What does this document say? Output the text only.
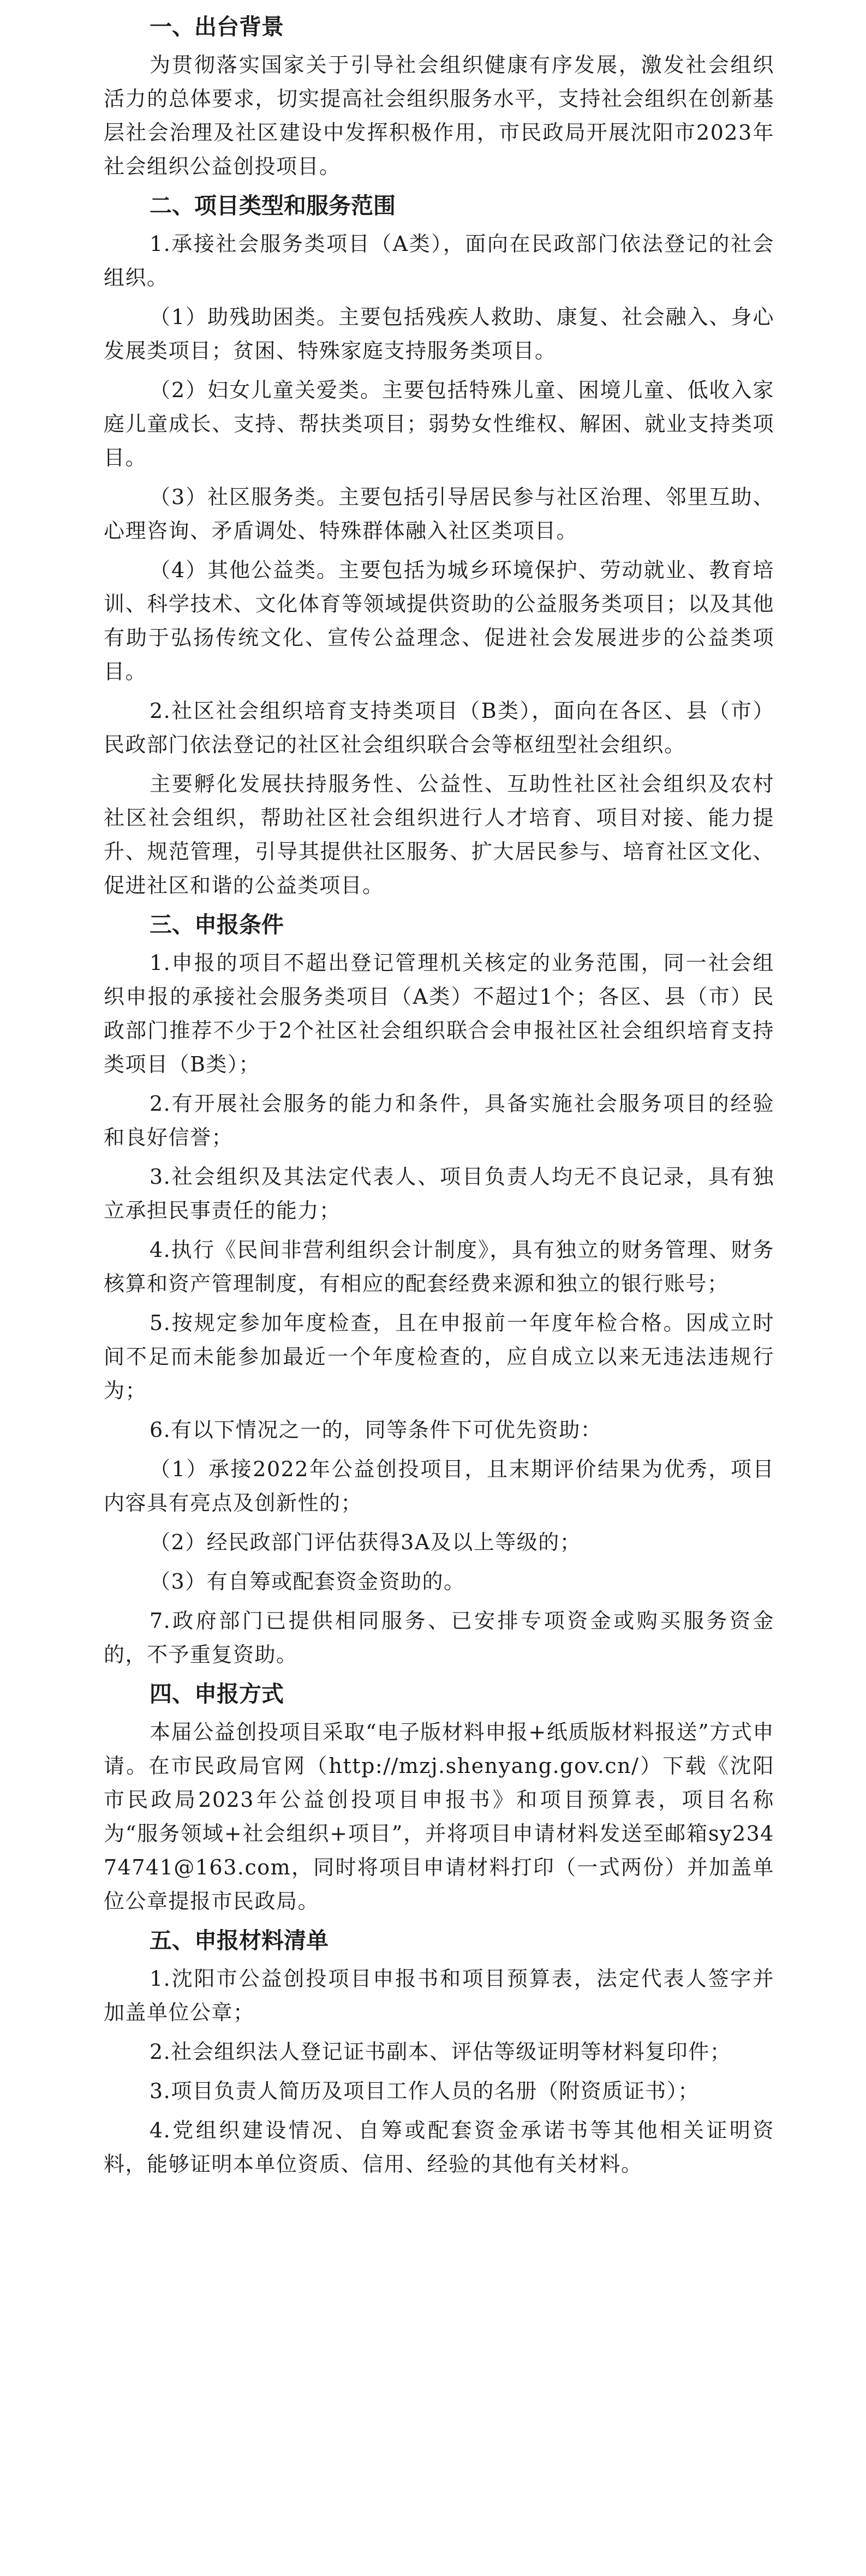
一、出台背景
为贯彻落实国家关于引导社会组织健康有序发展，激发社会组织活力的总体要求，切实提高社会组织服务水平，支持社会组织在创新基层社会治理及社区建设中发挥积极作用，市民政局开展沈阳市2023年社会组织公益创投项目。
二、项目类型和服务范围
1.承接社会服务类项目（A类），面向在民政部门依法登记的社会组织。
（1）助残助困类。主要包括残疾人救助、康复、社会融入、身心发展类项目；贫困、特殊家庭支持服务类项目。
（2）妇女儿童关爱类。主要包括特殊儿童、困境儿童、低收入家庭儿童成长、支持、帮扶类项目；弱势女性维权、解困、就业支持类项目。
（3）社区服务类。主要包括引导居民参与社区治理、邻里互助、心理咨询、矛盾调处、特殊群体融入社区类项目。
（4）其他公益类。主要包括为城乡环境保护、劳动就业、教育培训、科学技术、文化体育等领域提供资助的公益服务类项目；以及其他有助于弘扬传统文化、宣传公益理念、促进社会发展进步的公益类项目。
2.社区社会组织培育支持类项目（B类），面向在各区、县（市）民政部门依法登记的社区社会组织联合会等枢纽型社会组织。
主要孵化发展扶持服务性、公益性、互助性社区社会组织及农村社区社会组织，帮助社区社会组织进行人才培育、项目对接、能力提升、规范管理，引导其提供社区服务、扩大居民参与、培育社区文化、促进社区和谐的公益类项目。
三、申报条件
1.申报的项目不超出登记管理机关核定的业务范围，同一社会组织申报的承接社会服务类项目（A类）不超过1个；各区、县（市）民政部门推荐不少于2个社区社会组织联合会申报社区社会组织培育支持类项目（B类）；
2.有开展社会服务的能力和条件，具备实施社会服务项目的经验和良好信誉；
3.社会组织及其法定代表人、项目负责人均无不良记录，具有独立承担民事责任的能力；
4.执行《民间非营利组织会计制度》，具有独立的财务管理、财务核算和资产管理制度，有相应的配套经费来源和独立的银行账号；
5.按规定参加年度检查，且在申报前一年度年检合格。因成立时间不足而未能参加最近一个年度检查的，应自成立以来无违法违规行为；
6.有以下情况之一的，同等条件下可优先资助：
（1）承接2022年公益创投项目，且末期评价结果为优秀，项目内容具有亮点及创新性的；
（2）经民政部门评估获得3A及以上等级的；
（3）有自筹或配套资金资助的。
7.政府部门已提供相同服务、已安排专项资金或购买服务资金的，不予重复资助。
四、申报方式
本届公益创投项目采取“电子版材料申报+纸质版材料报送”方式申请。在市民政局官网（http://mzj.shenyang.gov.cn/）下载《沈阳市民政局2023年公益创投项目申报书》和项目预算表，项目名称为“服务领域+社会组织+项目”，并将项目申请材料发送至邮箱sy23474741@163.com，同时将项目申请材料打印（一式两份）并加盖单位公章提报市民政局。
五、申报材料清单
1.沈阳市公益创投项目申报书和项目预算表，法定代表人签字并加盖单位公章；
2.社会组织法人登记证书副本、评估等级证明等材料复印件；
3.项目负责人简历及项目工作人员的名册（附资质证书）；
4.党组织建设情况、自筹或配套资金承诺书等其他相关证明资料，能够证明本单位资质、信用、经验的其他有关材料。
